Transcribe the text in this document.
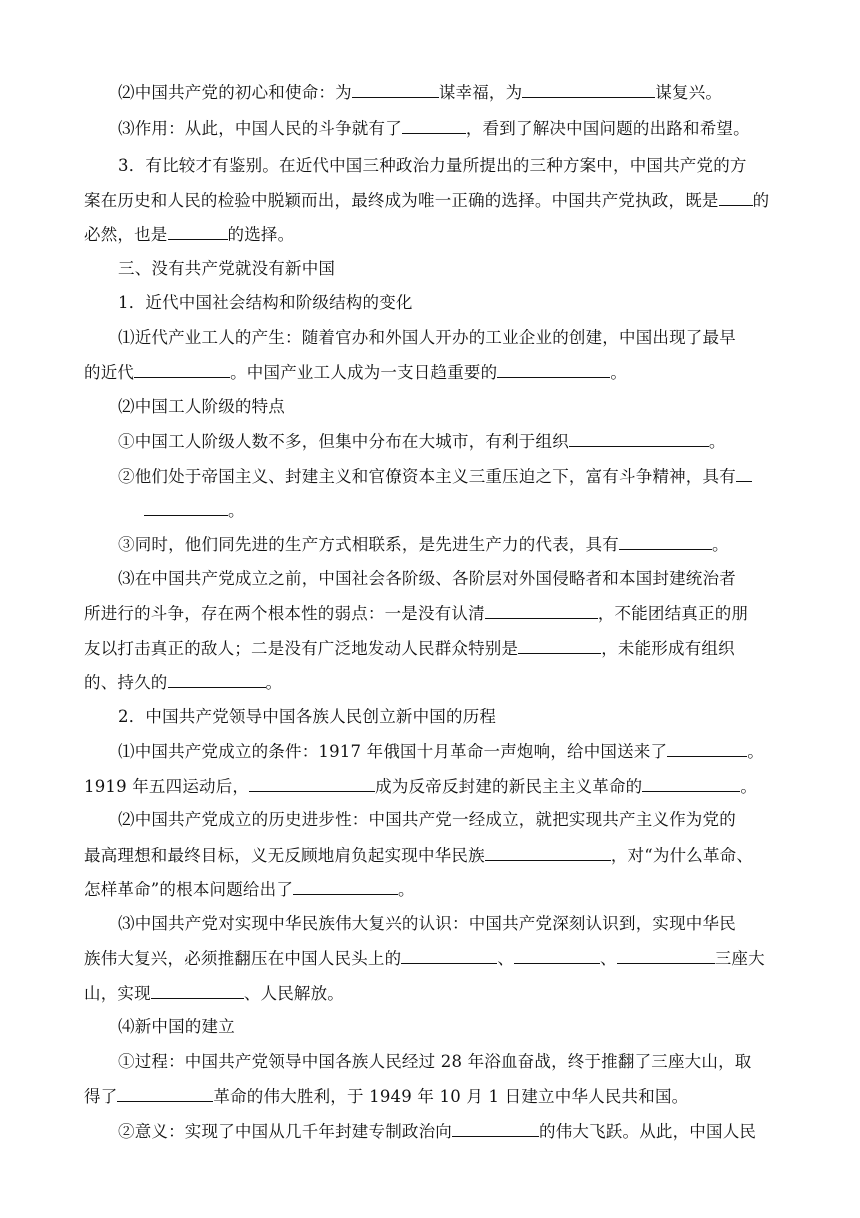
⑵中国共产党的初心和使命：为	谋幸福，为	谋复兴。
⑶作用：从此，中国人民的斗争就有了	，看到了解决中国问题的出路和希望。
3．有比较才有鉴别。在近代中国三种政治力量所提出的三种方案中，中国共产党的方
案在历史和人民的检验中脱颖而出，最终成为唯一正确的选择。中国共产党执政，既是 的
必然，也是	的选择。
三、没有共产党就没有新中国
1．近代中国社会结构和阶级结构的变化
⑴近代产业工人的产生：随着官办和外国人开办的工业企业的创建，中国出现了最早
的近代	。中国产业工人成为一支日趋重要的	。
⑵中国工人阶级的特点
①中国工人阶级人数不多，但集中分布在大城市，有利于组织	。
②他们处于帝国主义、封建主义和官僚资本主义三重压迫之下，富有斗争精神，具有
。
③同时，他们同先进的生产方式相联系，是先进生产力的代表，具有	。
⑶在中国共产党成立之前，中国社会各阶级、各阶层对外国侵略者和本国封建统治者
所进行的斗争，存在两个根本性的弱点：一是没有认清	，不能团结真正的朋
友以打击真正的敌人；二是没有广泛地发动人民群众特别是	，未能形成有组织
的、持久的	。
2．中国共产党领导中国各族人民创立新中国的历程
⑴中国共产党成立的条件：1917 年俄国十月革命一声炮响，给中国送来了	。
1919 年五四运动后，	成为反帝反封建的新民主主义革命的	。
⑵中国共产党成立的历史进步性：中国共产党一经成立，就把实现共产主义作为党的
最高理想和最终目标，义无反顾地肩负起实现中华民族	，对“为什么革命、
怎样革命”的根本问题给出了	。
⑶中国共产党对实现中华民族伟大复兴的认识：中国共产党深刻认识到，实现中华民
族伟大复兴，必须推翻压在中国人民头上的	、	、	三座大
山，实现	、人民解放。
⑷新中国的建立
①过程：中国共产党领导中国各族人民经过 28 年浴血奋战，终于推翻了三座大山，取
得了	革命的伟大胜利，于 1949 年 10 月 1 日建立中华人民共和国。
②意义：实现了中国从几千年封建专制政治向	的伟大飞跃。从此，中国人民
